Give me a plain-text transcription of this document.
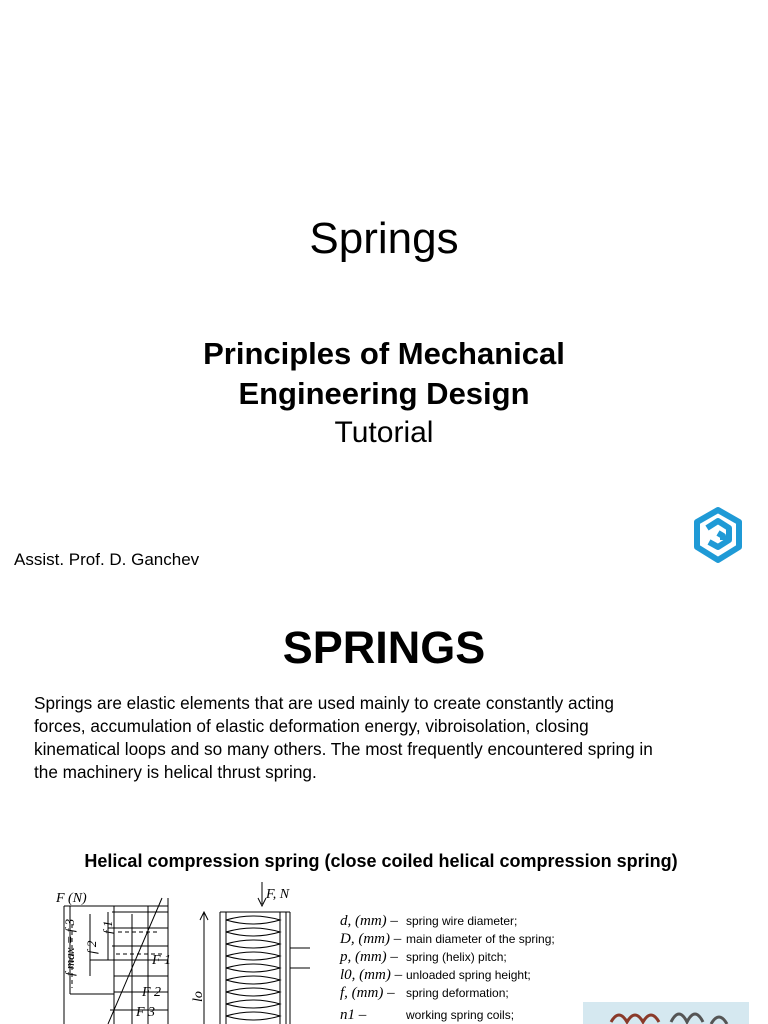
Springs
Principles of Mechanical
Engineering Design
Tutorial
Assist. Prof. D. Ganchev
SPRINGS
Springs are elastic elements that are used mainly to create constantly acting
forces, accumulation of elastic deformation energy, vibroisolation, closing
kinematical loops and so many others. The most frequently encountered spring in
the machinery is helical thrust spring.
Helical compression spring (close coiled helical compression spring)
F (N)
F 1
F 2
F 3
f max = f 3 f 2
f 1
F, N
lo
d, (mm) – spring wire diameter;
D, (mm) – main diameter of the spring;
p, (mm) – spring (helix) pitch;
l0, (mm) – unloaded spring height;
f, (mm) – spring deformation;
n1 –	working spring coils;
